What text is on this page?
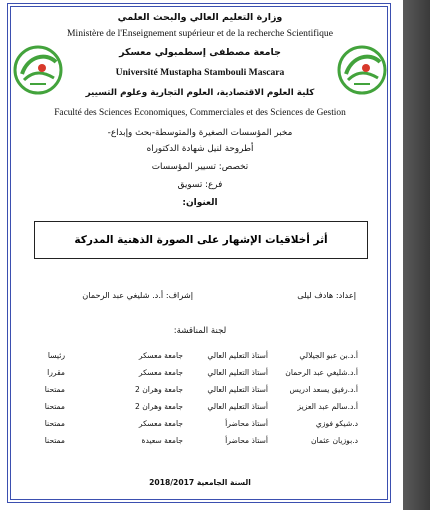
وزارة التعليم العالي والبحث العلمي
Ministère de l'Enseignement supérieur et de la recherche Scientifique
جامعة مصطفى إسطمبولي معسكر
Université Mustapha Stambouli Mascara
كلية العلوم الاقتصادية، العلوم التجارية وعلوم التسيير
Faculté des Sciences Economiques, Commerciales et des Sciences de Gestion
مخبر المؤسسات الصغيرة والمتوسطة-بحث وإبداع-
أطروحة لنيل شهادة الدكتوراه
تخصص: تسيير المؤسسات
فرع: تسويق
العنوان:
أثر أخلاقيات الإشهار على الصورة الذهنية المدركة
إعداد: هادف ليلى
إشراف: أ.د. شليغي عبد الرحمان
لجنة المناقشة:
أ.د.بن عبو الجيلالي
أستاذ التعليم العالي
جامعة معسكر
رئيسا
أ.د.شليغي عبد الرحمان
أستاذ التعليم العالي
جامعة معسكر
مقررا
أ.د.رفيق يسعد ادريس
أستاذ التعليم العالي
جامعة وهران 2
ممتحنا
أ.د.سالم عبد العزيز
أستاذ التعليم العالي
جامعة وهران 2
ممتحنا
د.شيكو فوزي
أستاذ محاضرأ
جامعة معسكر
ممتحنا
د.بوزيان عثمان
أستاذ محاضرأ
جامعة سعيدة
ممتحنا
السنة الجامعية 2018/2017
